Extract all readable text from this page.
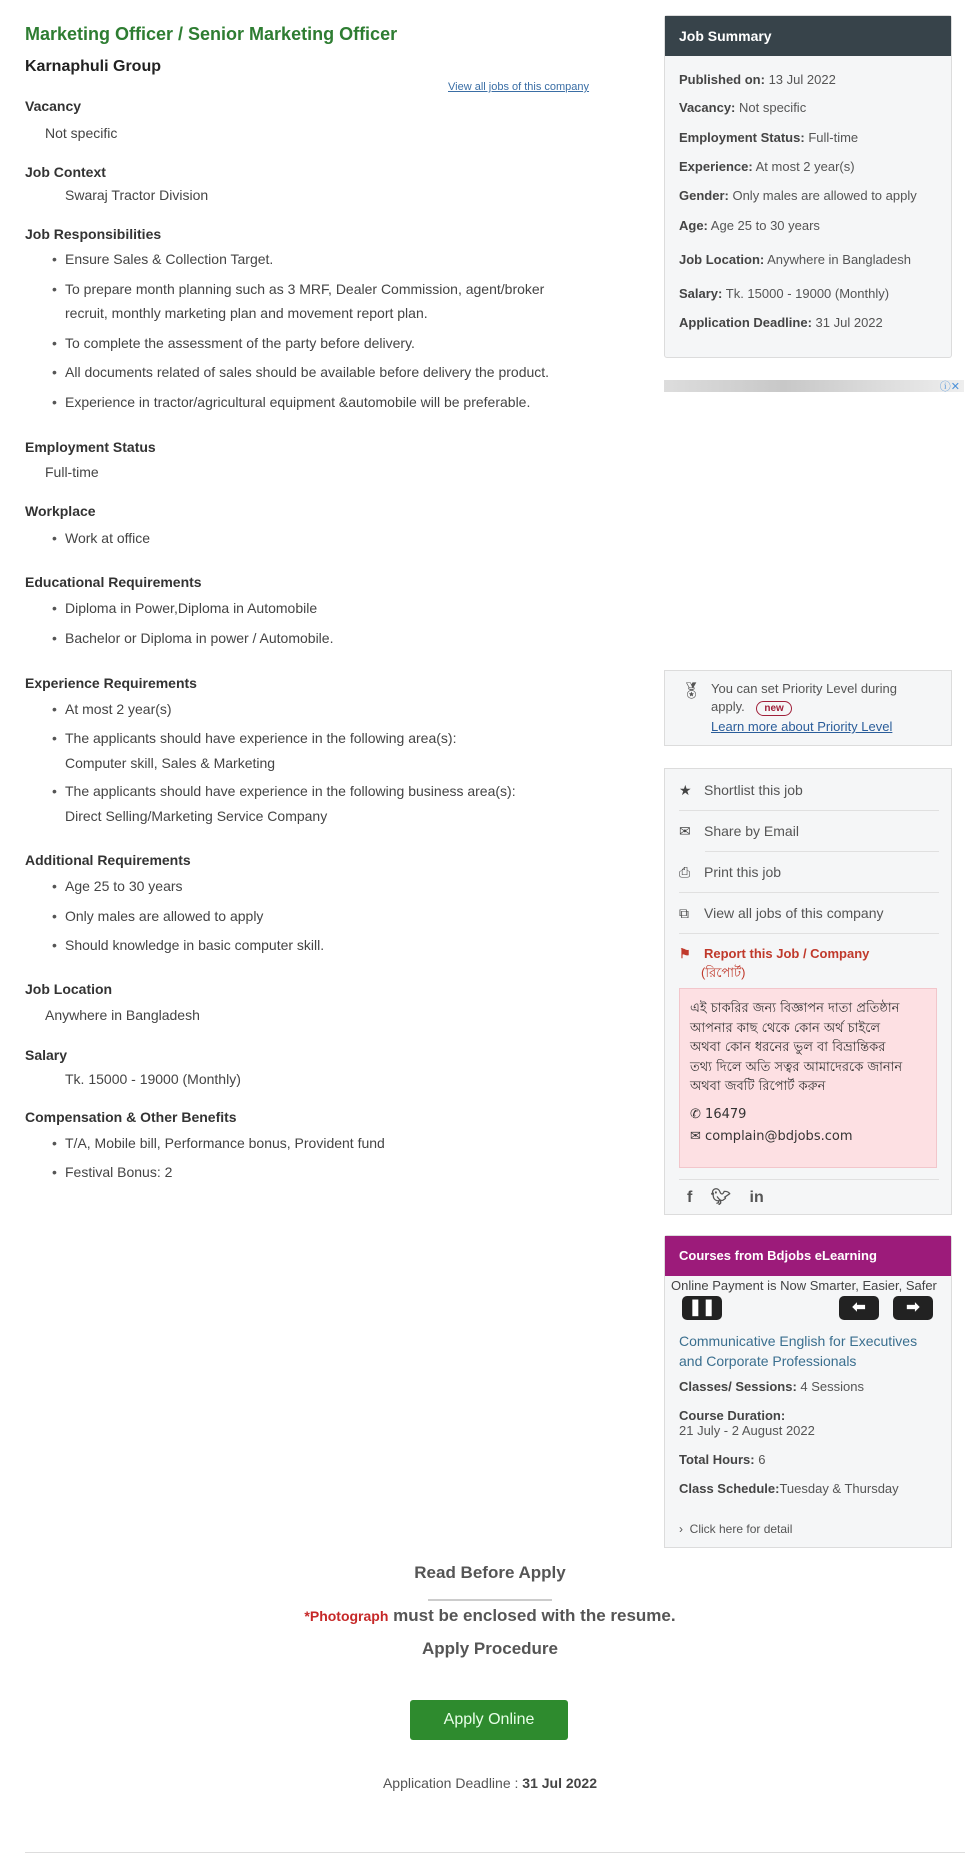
Marketing Officer / Senior Marketing Officer
Karnaphuli Group
View all jobs of this company
Vacancy
Not specific
Job Context
Swaraj Tractor Division
Job Responsibilities
• Ensure Sales & Collection Target.
• To prepare month planning such as 3 MRF, Dealer Commission, agent/broker
recruit, monthly marketing plan and movement report plan.
• To complete the assessment of the party before delivery.
• All documents related of sales should be available before delivery the product.
• Experience in tractor/agricultural equipment &automobile will be preferable.
Employment Status
Full-time
Workplace
• Work at office
Educational Requirements
• Diploma in Power,Diploma in Automobile
• Bachelor or Diploma in power / Automobile.
Experience Requirements
• At most 2 year(s)
• The applicants should have experience in the following area(s):
Computer skill, Sales & Marketing
• The applicants should have experience in the following business area(s):
Direct Selling/Marketing Service Company
Additional Requirements
• Age 25 to 30 years
• Only males are allowed to apply
• Should knowledge in basic computer skill.
Job Location
Anywhere in Bangladesh
Salary
Tk. 15000 - 19000 (Monthly)
Compensation & Other Benefits
• T/A, Mobile bill, Performance bonus, Provident fund
• Festival Bonus: 2
Job Summary
Published on: 13 Jul 2022
Vacancy: Not specific
Employment Status: Full-time
Experience: At most 2 year(s)
Gender: Only males are allowed to apply
Age: Age 25 to 30 years
Job Location: Anywhere in Bangladesh
Salary: Tk. 15000 - 19000 (Monthly)
Application Deadline: 31 Jul 2022
ⓘ✕
🏅︎ You can set Priority Level during
apply. new
Learn more about Priority Level
★ Shortlist this job
✉ Share by Email
⎙ Print this job
⧉ View all jobs of this company
⚑ Report this Job / Company
(রিপোর্ট)
এই চাকরির জন্য বিজ্ঞাপন দাতা প্রতিষ্ঠান
আপনার কাছ থেকে কোন অর্থ চাইলে
অথবা কোন ধরনের ভুল বা বিভ্রান্তিকর
তথ্য দিলে অতি সত্বর আমাদেরকে জানান
অথবা জবটি রিপোর্ট করুন
✆ 16479
✉ complain@bdjobs.com
f 🐦︎ in
Courses from Bdjobs eLearning
Online Payment is Now Smarter, Easier, Safer
❚❚	⬅	➡
Communicative English for Executives
and Corporate Professionals
Classes/ Sessions: 4 Sessions
Course Duration:
21 July - 2 August 2022
Total Hours: 6
Class Schedule:Tuesday & Thursday
› Click here for detail
Read Before Apply
*Photograph must be enclosed with the resume.
Apply Procedure
Apply Online
Application Deadline : 31 Jul 2022
